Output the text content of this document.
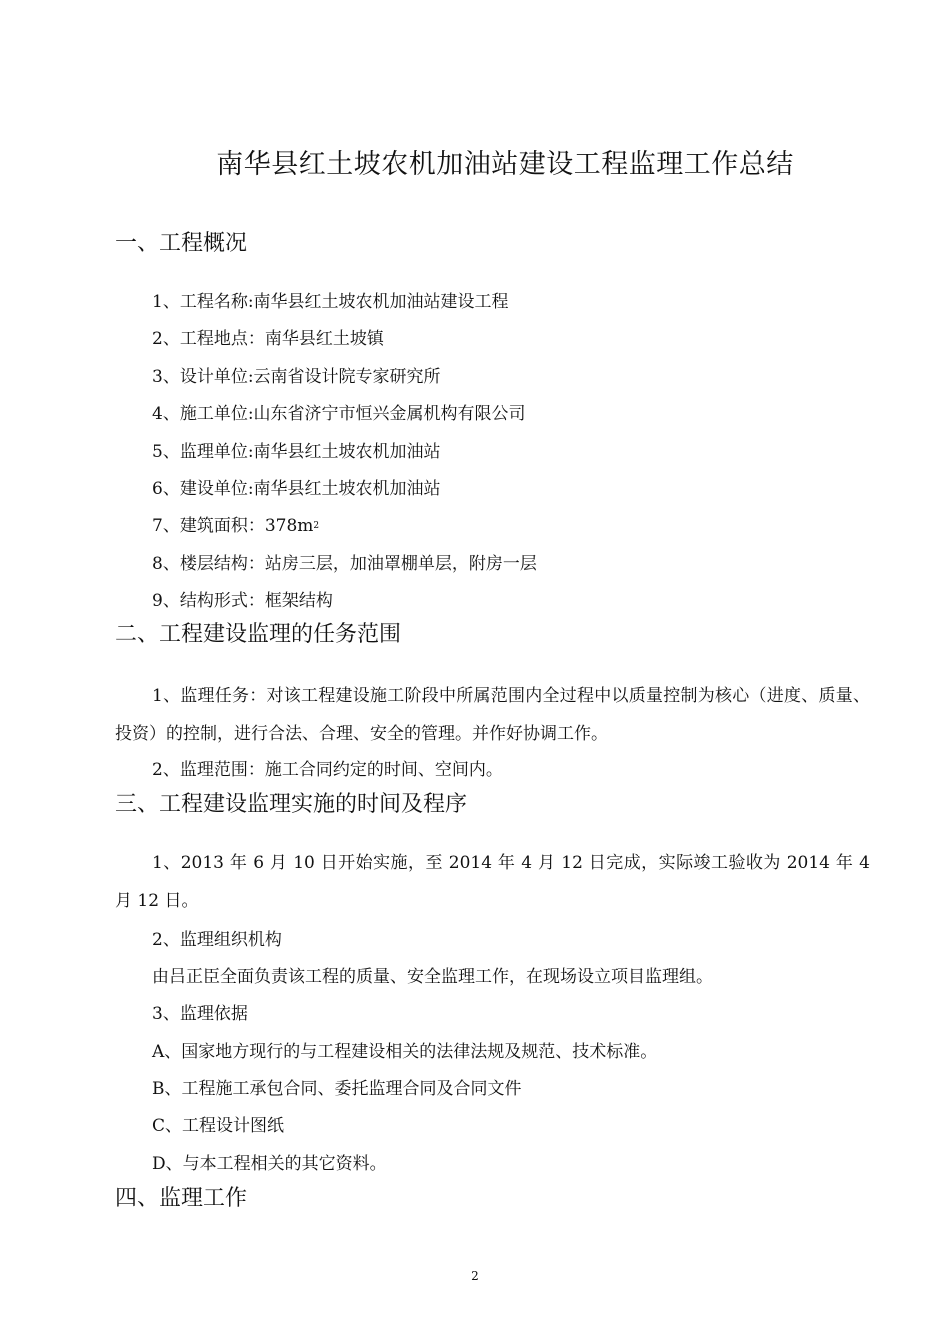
南华县红土坡农机加油站建设工程监理工作总结
一、工程概况
1、工程名称:南华县红土坡农机加油站建设工程
2、工程地点：南华县红土坡镇
3、设计单位:云南省设计院专家研究所
4、施工单位:山东省济宁市恒兴金属机构有限公司
5、监理单位:南华县红土坡农机加油站
6、建设单位:南华县红土坡农机加油站
7、建筑面积：378m2
8、楼层结构：站房三层，加油罩棚单层，附房一层
9、结构形式：框架结构
二、工程建设监理的任务范围
1、监理任务：对该工程建设施工阶段中所属范围内全过程中以质量控制为核心（进度、质量、投资）的控制，进行合法、合理、安全的管理。并作好协调工作。
2、监理范围：施工合同约定的时间、空间内。
三、工程建设监理实施的时间及程序
1、2013 年 6 月 10 日开始实施，至 2014 年 4 月 12 日完成，实际竣工验收为 2014 年 4 月 12 日。
2、监理组织机构
由吕正臣全面负责该工程的质量、安全监理工作，在现场设立项目监理组。
3、监理依据
A、国家地方现行的与工程建设相关的法律法规及规范、技术标准。
B、工程施工承包合同、委托监理合同及合同文件
C、工程设计图纸
D、与本工程相关的其它资料。
四、监理工作
2
